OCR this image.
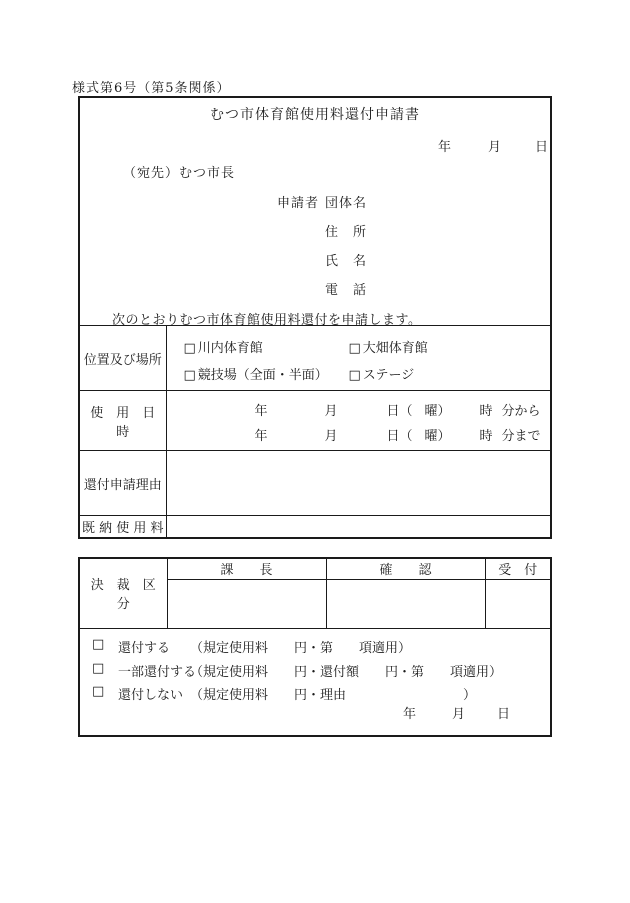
様式第6号（第5条関係）
むつ市体育館使用料還付申請書
年	月	日
（宛先）むつ市長
申請者 団体名
住　所
氏　名
電　話
次のとおりむつ市体育館使用料還付を申請します。
位置及び場所	□ 川内体育館 □ 大畑体育館
□ 競技場（全面・半面） □ ステージ

使　用　日　時	
年	月	日（ 曜） 時 分から
年	月	日（ 曜） 時 分まで

還付申請理由	
既 納 使 用 料	
決　裁　区　分	課　　長	確　　認	受　付

□ 還付する （規定使用料　　円・第　　項適用）
□ 一部還付する
（規定使用料　　円・還付額　　円・第　　項適用）
□ 還付しない （規定使用料　　円・理由　　　　　　　　　）
年	月 日
